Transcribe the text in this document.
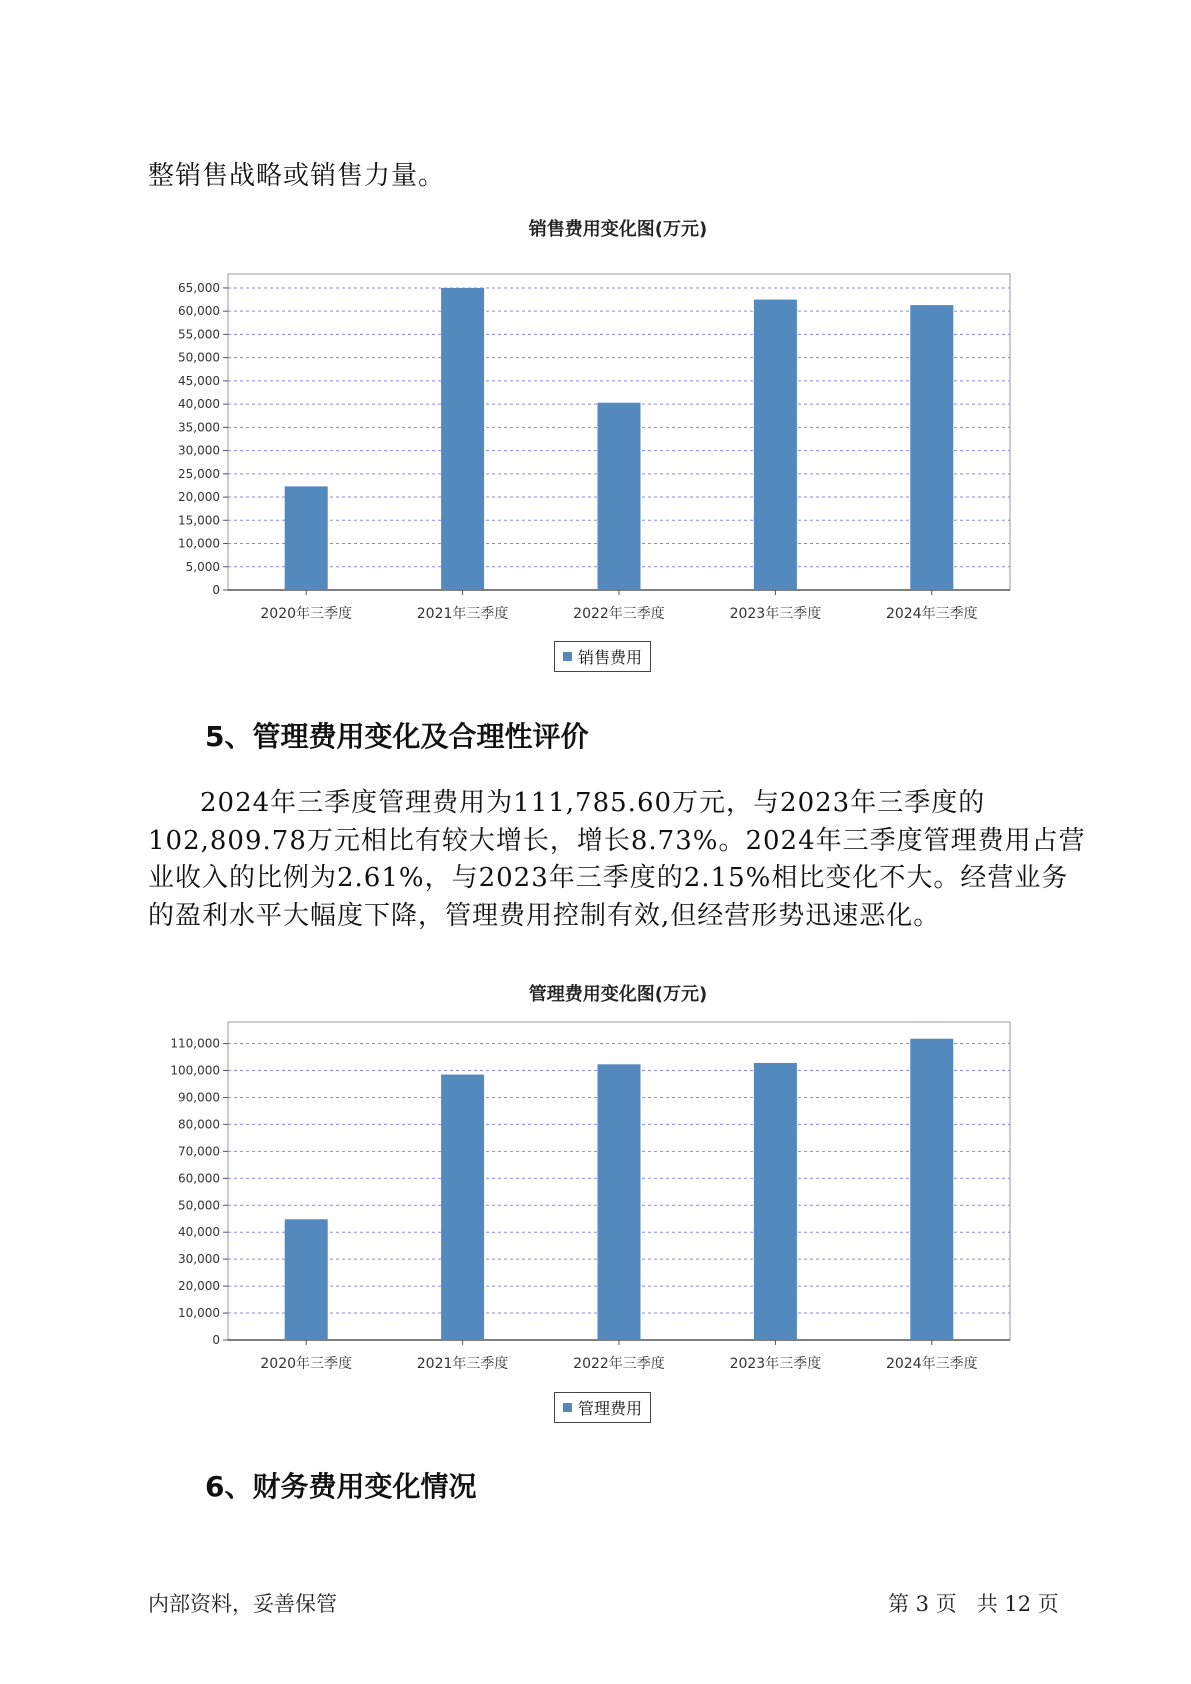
整销售战略或销售力量。
销售费用变化图(万元)
0
5,000
10,000
15,000
20,000
25,000
30,000
35,000
40,000
45,000
50,000
55,000
60,000
65,000
2020年三季度	2021年三季度	2022年三季度	2023年三季度	2024年三季度
销售费用
5、管理费用变化及合理性评价
2024年三季度管理费用为111,785.60万元，与2023年三季度的
102,809.78万元相比有较大增长，增长8.73%。2024年三季度管理费用占营
业收入的比例为2.61%，与2023年三季度的2.15%相比变化不大。经营业务
的盈利水平大幅度下降，管理费用控制有效,但经营形势迅速恶化。
管理费用变化图(万元)
0
10,000
20,000
30,000
40,000
50,000
60,000
70,000
80,000
90,000
100,000
110,000
2020年三季度	2021年三季度	2022年三季度	2023年三季度	2024年三季度
管理费用
6、财务费用变化情况
内部资料，妥善保管	第 3 页   共 12 页
